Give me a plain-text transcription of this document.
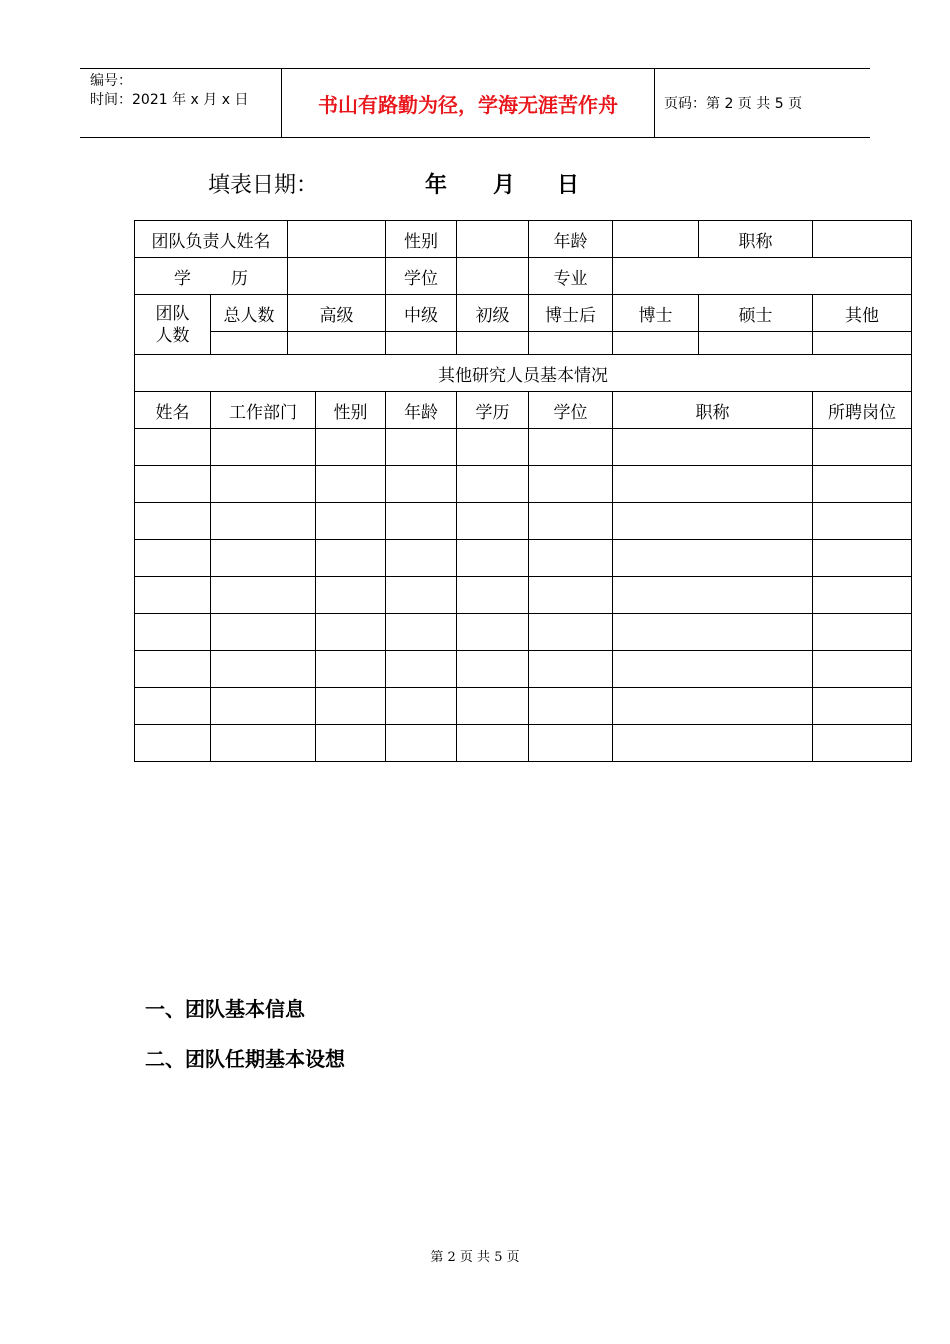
编号：
时间：2021 年 x 月 x 日	书山有路勤为径，学海无涯苦作舟	页码：第 2 页 共 5 页
填表日期：	年 月 日
团队负责人姓名				性别		年龄		职称	
学 历				学位		专业			
团队
人数	总人数	高级		中级	初级	博士后	博士	硕士	其他

其他研究人员基本情况									
姓名	工作部门		性别	年龄	学历	学位	职称		所聘岗位

一、团队基本信息
二、团队任期基本设想
第 2 页 共 5 页
